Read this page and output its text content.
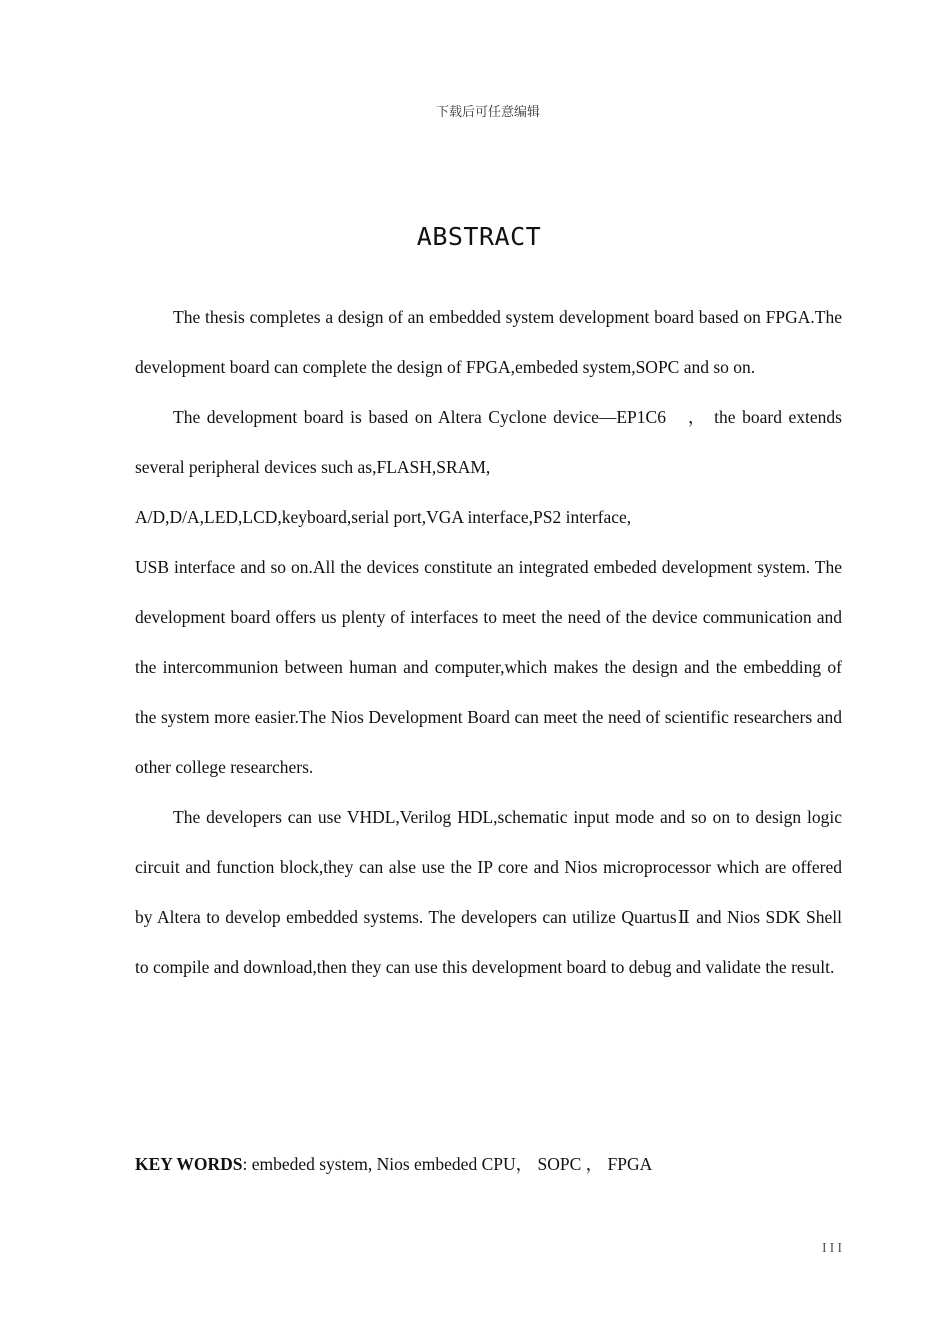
下载后可任意编辑
ABSTRACT

The thesis completes a design of an embedded system development board based on FPGA.The development board can complete the design of FPGA,embeded system,SOPC and so on.

The development board is based on Altera Cyclone device—EP1C6　， the board extends several peripheral devices such as,FLASH,SRAM,

A/D,D/A,LED,LCD,keyboard,serial port,VGA interface,PS2 interface,

USB interface and so on.All the devices constitute an integrated embeded development system. The development board offers us plenty of interfaces to meet the need of the device communication and the intercommunion between human and computer,which makes the design and the embedding of the system more easier.The Nios Development Board can meet the need of scientific researchers and other college researchers.

The developers can use VHDL,Verilog HDL,schematic input mode and so on to design logic circuit and function block,they can alse use the IP core and Nios microprocessor which are offered by Altera to develop embedded systems. The developers can utilize QuartusⅡ and Nios SDK Shell to compile and download,then they can use this development board to debug and validate the result.

KEY WORDS: embeded system, Nios embeded CPU， SOPC ， FPGA
III
